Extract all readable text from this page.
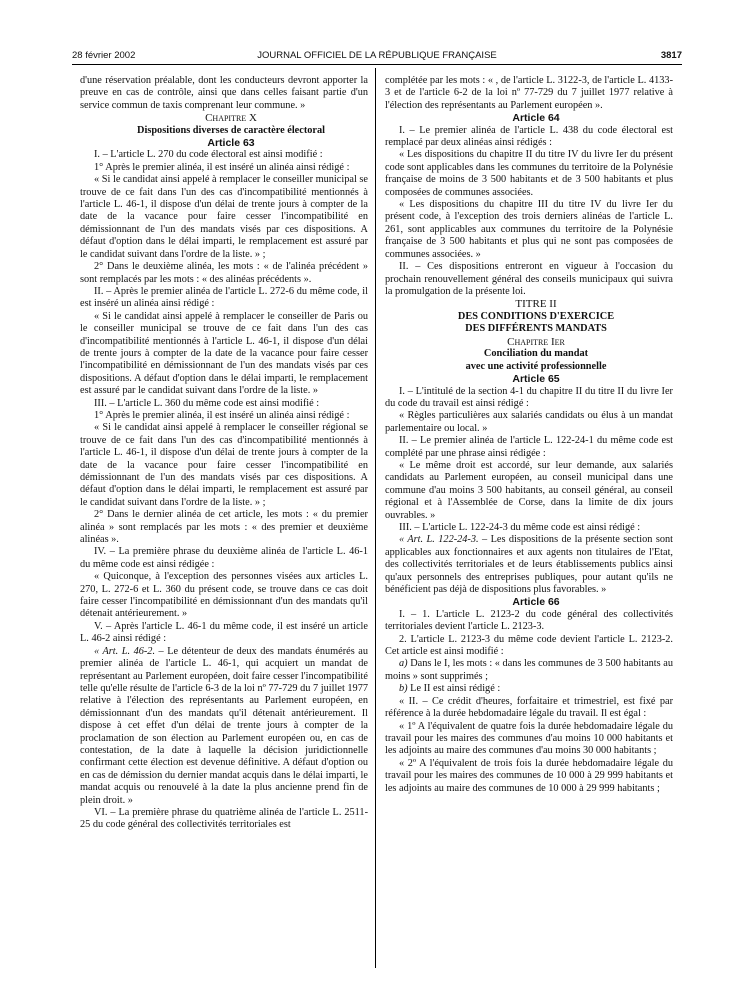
28 février 2002	JOURNAL OFFICIEL DE LA RÉPUBLIQUE FRANÇAISE	3817

d'une réservation préalable, dont les conducteurs devront apporter la preuve en cas de contrôle, ainsi que dans celles faisant partie d'un service commun de taxis comprenant leur commune. »

Chapitre X

Dispositions diverses de caractère électoral

Article 63

I. – L'article L. 270 du code électoral est ainsi modifié :

1° Après le premier alinéa, il est inséré un alinéa ainsi rédigé :

« Si le candidat ainsi appelé à remplacer le conseiller municipal se trouve de ce fait dans l'un des cas d'incompatibilité mentionnés à l'article L. 46-1, il dispose d'un délai de trente jours à compter de la date de la vacance pour faire cesser l'incompatibilité en démissionnant de l'un des mandats visés par ces dispositions. A défaut d'option dans le délai imparti, le remplacement est assuré par le candidat suivant dans l'ordre de la liste. » ;

2° Dans le deuxième alinéa, les mots : « de l'alinéa précédent » sont remplacés par les mots : « des alinéas précédents ».

II. – Après le premier alinéa de l'article L. 272-6 du même code, il est inséré un alinéa ainsi rédigé :

« Si le candidat ainsi appelé à remplacer le conseiller de Paris ou le conseiller municipal se trouve de ce fait dans l'un des cas d'incompatibilité mentionnés à l'article L. 46-1, il dispose d'un délai de trente jours à compter de la date de la vacance pour faire cesser l'incompatibilité en démissionnant de l'un des mandats visés par ces dispositions. A défaut d'option dans le délai imparti, le remplacement est assuré par le candidat suivant dans l'ordre de la liste. »

III. – L'article L. 360 du même code est ainsi modifié :

1° Après le premier alinéa, il est inséré un alinéa ainsi rédigé :

« Si le candidat ainsi appelé à remplacer le conseiller régional se trouve de ce fait dans l'un des cas d'incompatibilité mentionnés à l'article L. 46-1, il dispose d'un délai de trente jours à compter de la date de la vacance pour faire cesser l'incompatibilité en démissionnant de l'un des mandats visés par ces dispositions. A défaut d'option dans le délai imparti, le remplacement est assuré par le candidat suivant dans l'ordre de la liste. » ;

2° Dans le dernier alinéa de cet article, les mots : « du premier alinéa » sont remplacés par les mots : « des premier et deuxième alinéas ».

IV. – La première phrase du deuxième alinéa de l'article L. 46-1 du même code est ainsi rédigée :

« Quiconque, à l'exception des personnes visées aux articles L. 270, L. 272-6 et L. 360 du présent code, se trouve dans ce cas doit faire cesser l'incompatibilité en démissionnant d'un des mandats qu'il détenait antérieurement. »

V. – Après l'article L. 46-1 du même code, il est inséré un article L. 46-2 ainsi rédigé :

« Art. L. 46-2. – Le détenteur de deux des mandats énumérés au premier alinéa de l'article L. 46-1, qui acquiert un mandat de représentant au Parlement européen, doit faire cesser l'incompatibilité telle qu'elle résulte de l'article 6-3 de la loi nº 77-729 du 7 juillet 1977 relative à l'élection des représentants au Parlement européen, en démissionnant d'un des mandats qu'il détenait antérieurement. Il dispose à cet effet d'un délai de trente jours à compter de la proclamation de son élection au Parlement européen ou, en cas de contestation, de la date à laquelle la décision juridictionnelle confirmant cette élection est devenue définitive. A défaut d'option ou en cas de démission du dernier mandat acquis dans le délai imparti, le mandat acquis ou renouvelé à la date la plus ancienne prend fin de plein droit. »

VI. – La première phrase du quatrième alinéa de l'article L. 2511-25 du code général des collectivités territoriales est

complétée par les mots : « , de l'article L. 3122-3, de l'article L. 4133-3 et de l'article 6-2 de la loi nº 77-729 du 7 juillet 1977 relative à l'élection des représentants au Parlement européen ».

Article 64

I. – Le premier alinéa de l'article L. 438 du code électoral est remplacé par deux alinéas ainsi rédigés :

« Les dispositions du chapitre II du titre IV du livre Ier du présent code sont applicables dans les communes du territoire de la Polynésie française de moins de 3 500 habitants et de 3 500 habitants et plus composées de communes associées.

« Les dispositions du chapitre III du titre IV du livre Ier du présent code, à l'exception des trois derniers alinéas de l'article L. 261, sont applicables aux communes du territoire de la Polynésie française de 3 500 habitants et plus qui ne sont pas composées de communes associées. »

II. – Ces dispositions entreront en vigueur à l'occasion du prochain renouvellement général des conseils municipaux qui suivra la promulgation de la présente loi.

TITRE II

DES CONDITIONS D'EXERCICE

DES DIFFÉRENTS MANDATS

Chapitre Ier

Conciliation du mandat

avec une activité professionnelle

Article 65

I. – L'intitulé de la section 4-1 du chapitre II du titre II du livre Ier du code du travail est ainsi rédigé :

« Règles particulières aux salariés candidats ou élus à un mandat parlementaire ou local. »

II. – Le premier alinéa de l'article L. 122-24-1 du même code est complété par une phrase ainsi rédigée :

« Le même droit est accordé, sur leur demande, aux salariés candidats au Parlement européen, au conseil municipal dans une commune d'au moins 3 500 habitants, au conseil général, au conseil régional et à l'Assemblée de Corse, dans la limite de dix jours ouvrables. »

III. – L'article L. 122-24-3 du même code est ainsi rédigé :

« Art. L. 122-24-3. – Les dispositions de la présente section sont applicables aux fonctionnaires et aux agents non titulaires de l'Etat, des collectivités territoriales et de leurs établissements publics ainsi qu'aux personnels des entreprises publiques, pour autant qu'ils ne bénéficient pas déjà de dispositions plus favorables. »

Article 66

I. – 1. L'article L. 2123-2 du code général des collectivités territoriales devient l'article L. 2123-3.

2. L'article L. 2123-3 du même code devient l'article L. 2123-2. Cet article est ainsi modifié :

a) Dans le I, les mots : « dans les communes de 3 500 habitants au moins » sont supprimés ;

b) Le II est ainsi rédigé :

« II. – Ce crédit d'heures, forfaitaire et trimestriel, est fixé par référence à la durée hebdomadaire légale du travail. Il est égal :

« 1º A l'équivalent de quatre fois la durée hebdomadaire légale du travail pour les maires des communes d'au moins 10 000 habitants et les adjoints au maire des communes d'au moins 30 000 habitants ;

« 2º A l'équivalent de trois fois la durée hebdomadaire légale du travail pour les maires des communes de 10 000 à 29 999 habitants et les adjoints au maire des communes de 10 000 à 29 999 habitants ;
